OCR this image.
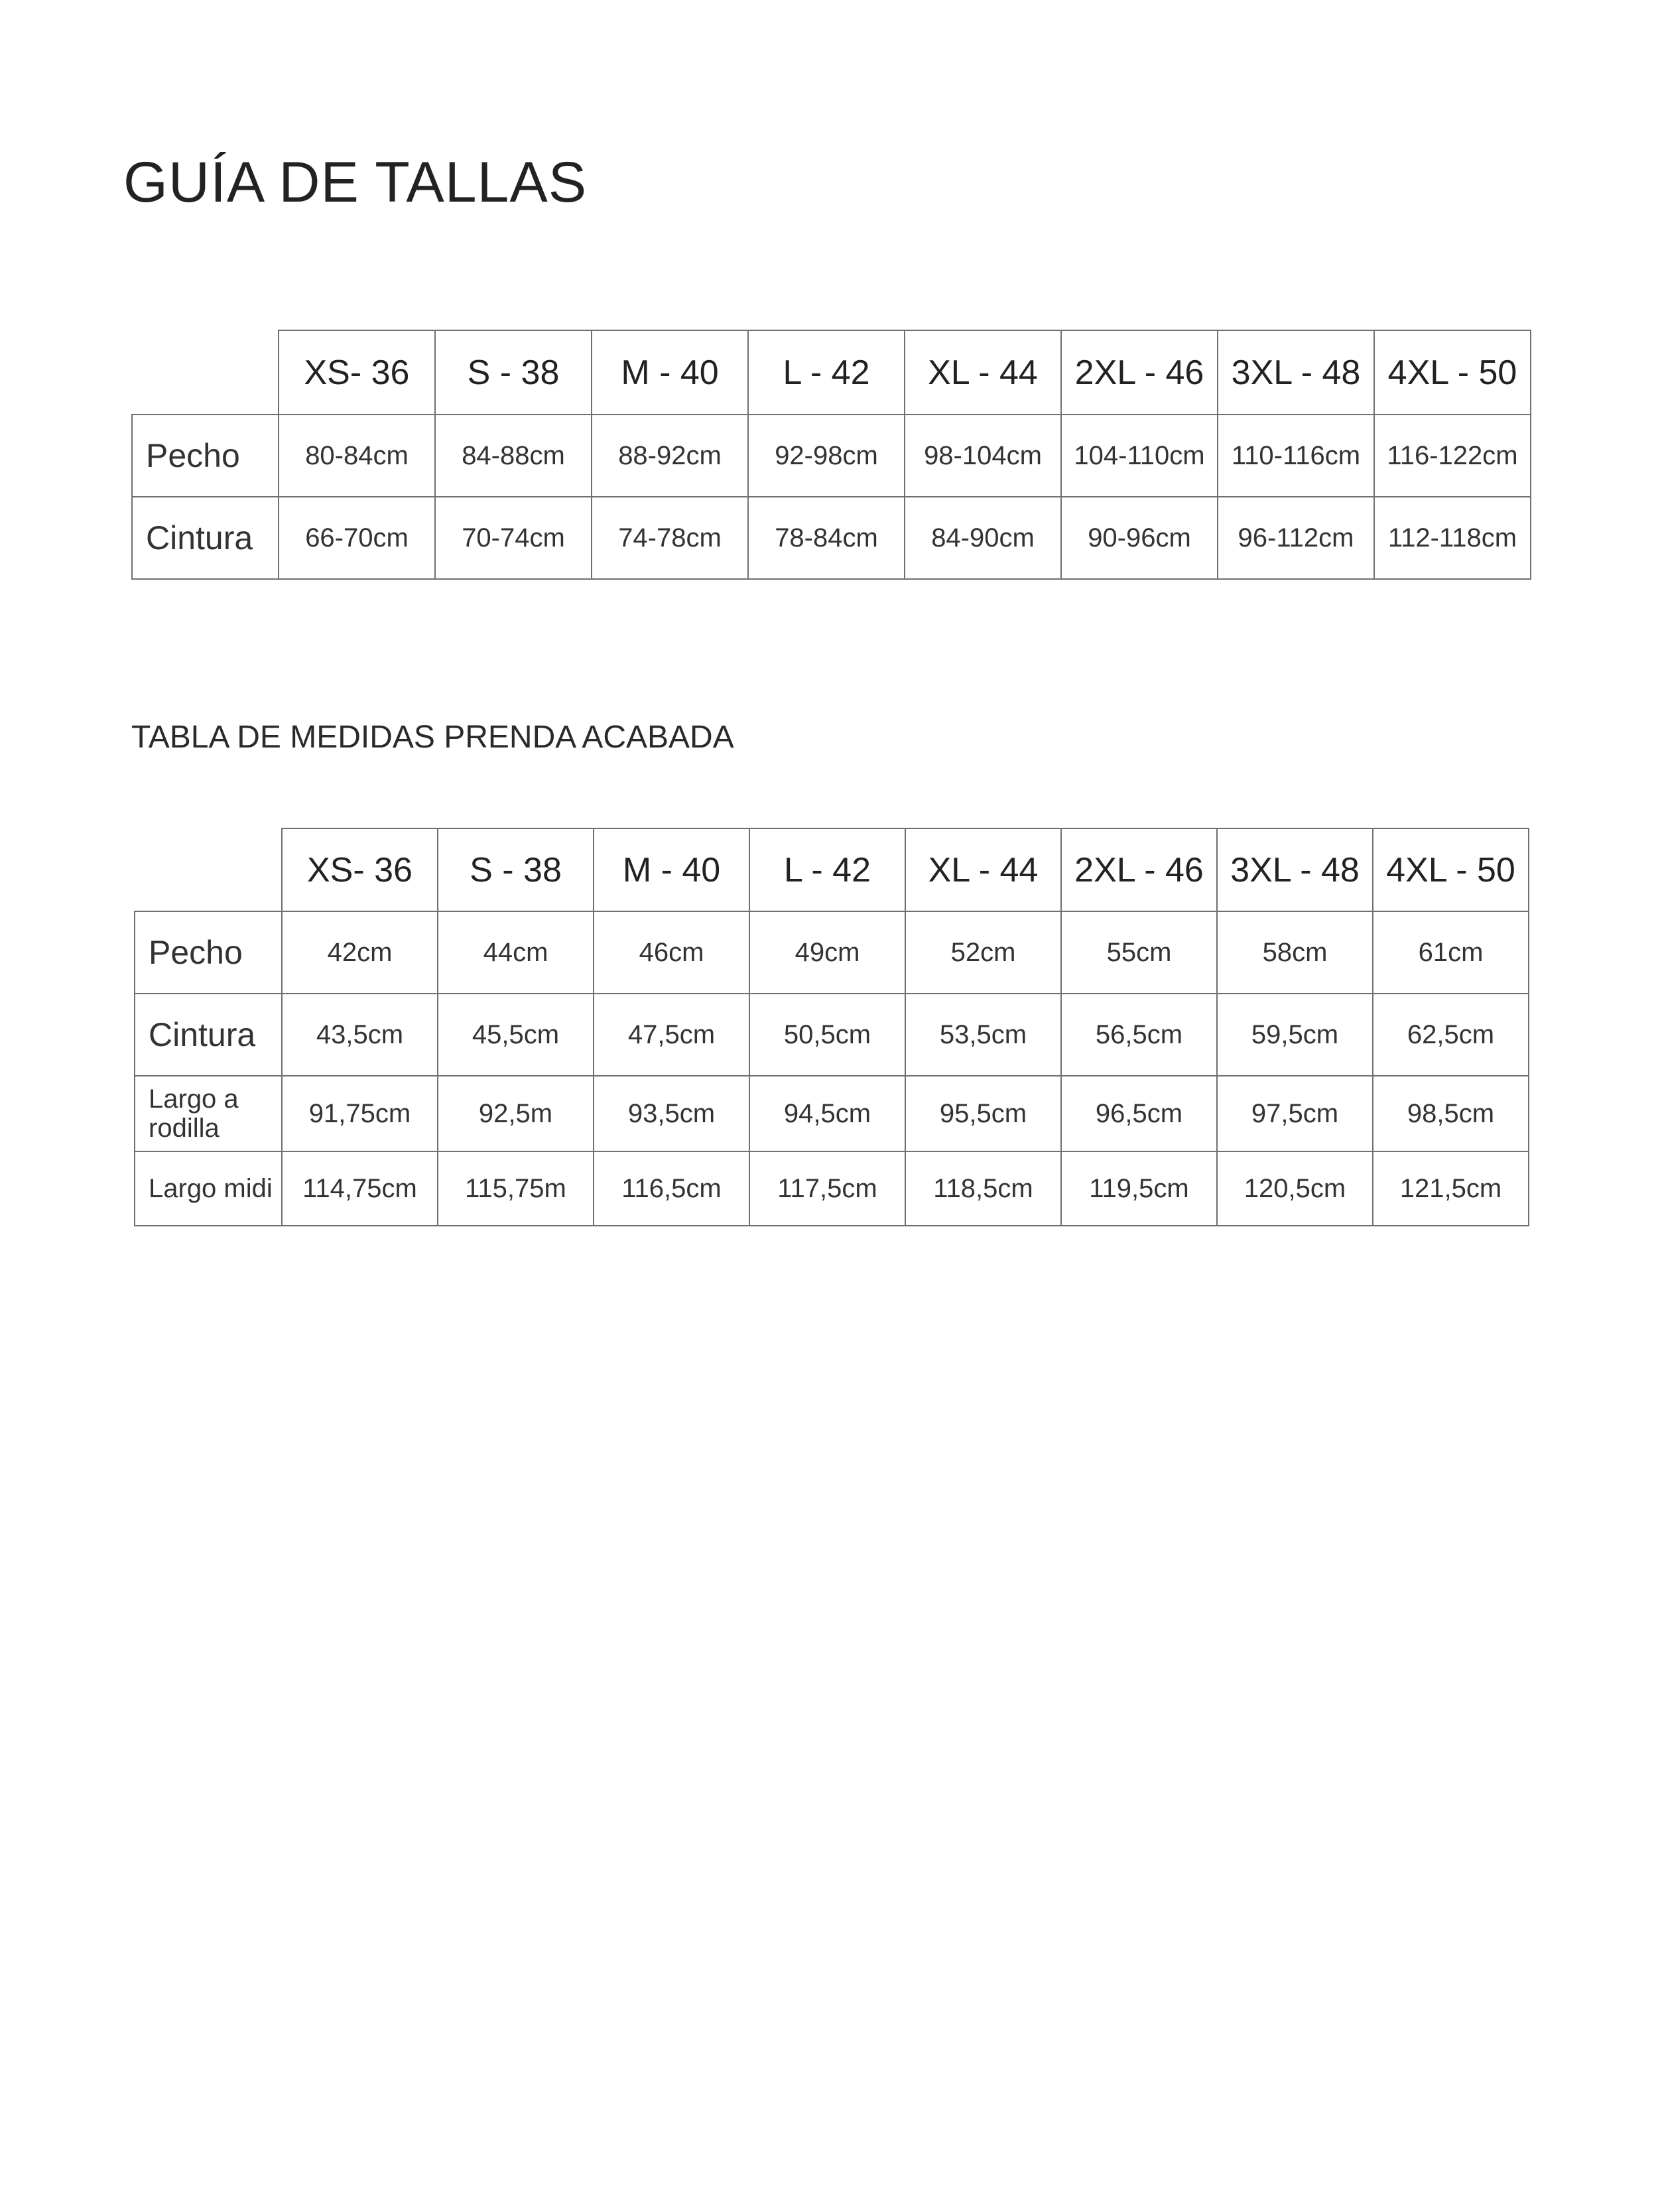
GUÍA DE TALLAS
	XS- 36	S - 38	M - 40	L - 42	XL - 44	2XL - 46	3XL - 48	4XL - 50
Pecho	80-84cm	84-88cm	88-92cm	92-98cm	98-104cm	104-110cm	110-116cm	116-122cm
Cintura	66-70cm	70-74cm	74-78cm	78-84cm	84-90cm	90-96cm	96-112cm	112-118cm
TABLA DE MEDIDAS PRENDA ACABADA
	XS- 36	S - 38	M - 40	L - 42	XL - 44	2XL - 46	3XL - 48	4XL - 50
Pecho	42cm	44cm	46cm	49cm	52cm	55cm	58cm	61cm
Cintura	43,5cm	45,5cm	47,5cm	50,5cm	53,5cm	56,5cm	59,5cm	62,5cm
Largo a rodilla	91,75cm	92,5m	93,5cm	94,5cm	95,5cm	96,5cm	97,5cm	98,5cm
Largo midi	114,75cm	115,75m	116,5cm	117,5cm	118,5cm	119,5cm	120,5cm	121,5cm
